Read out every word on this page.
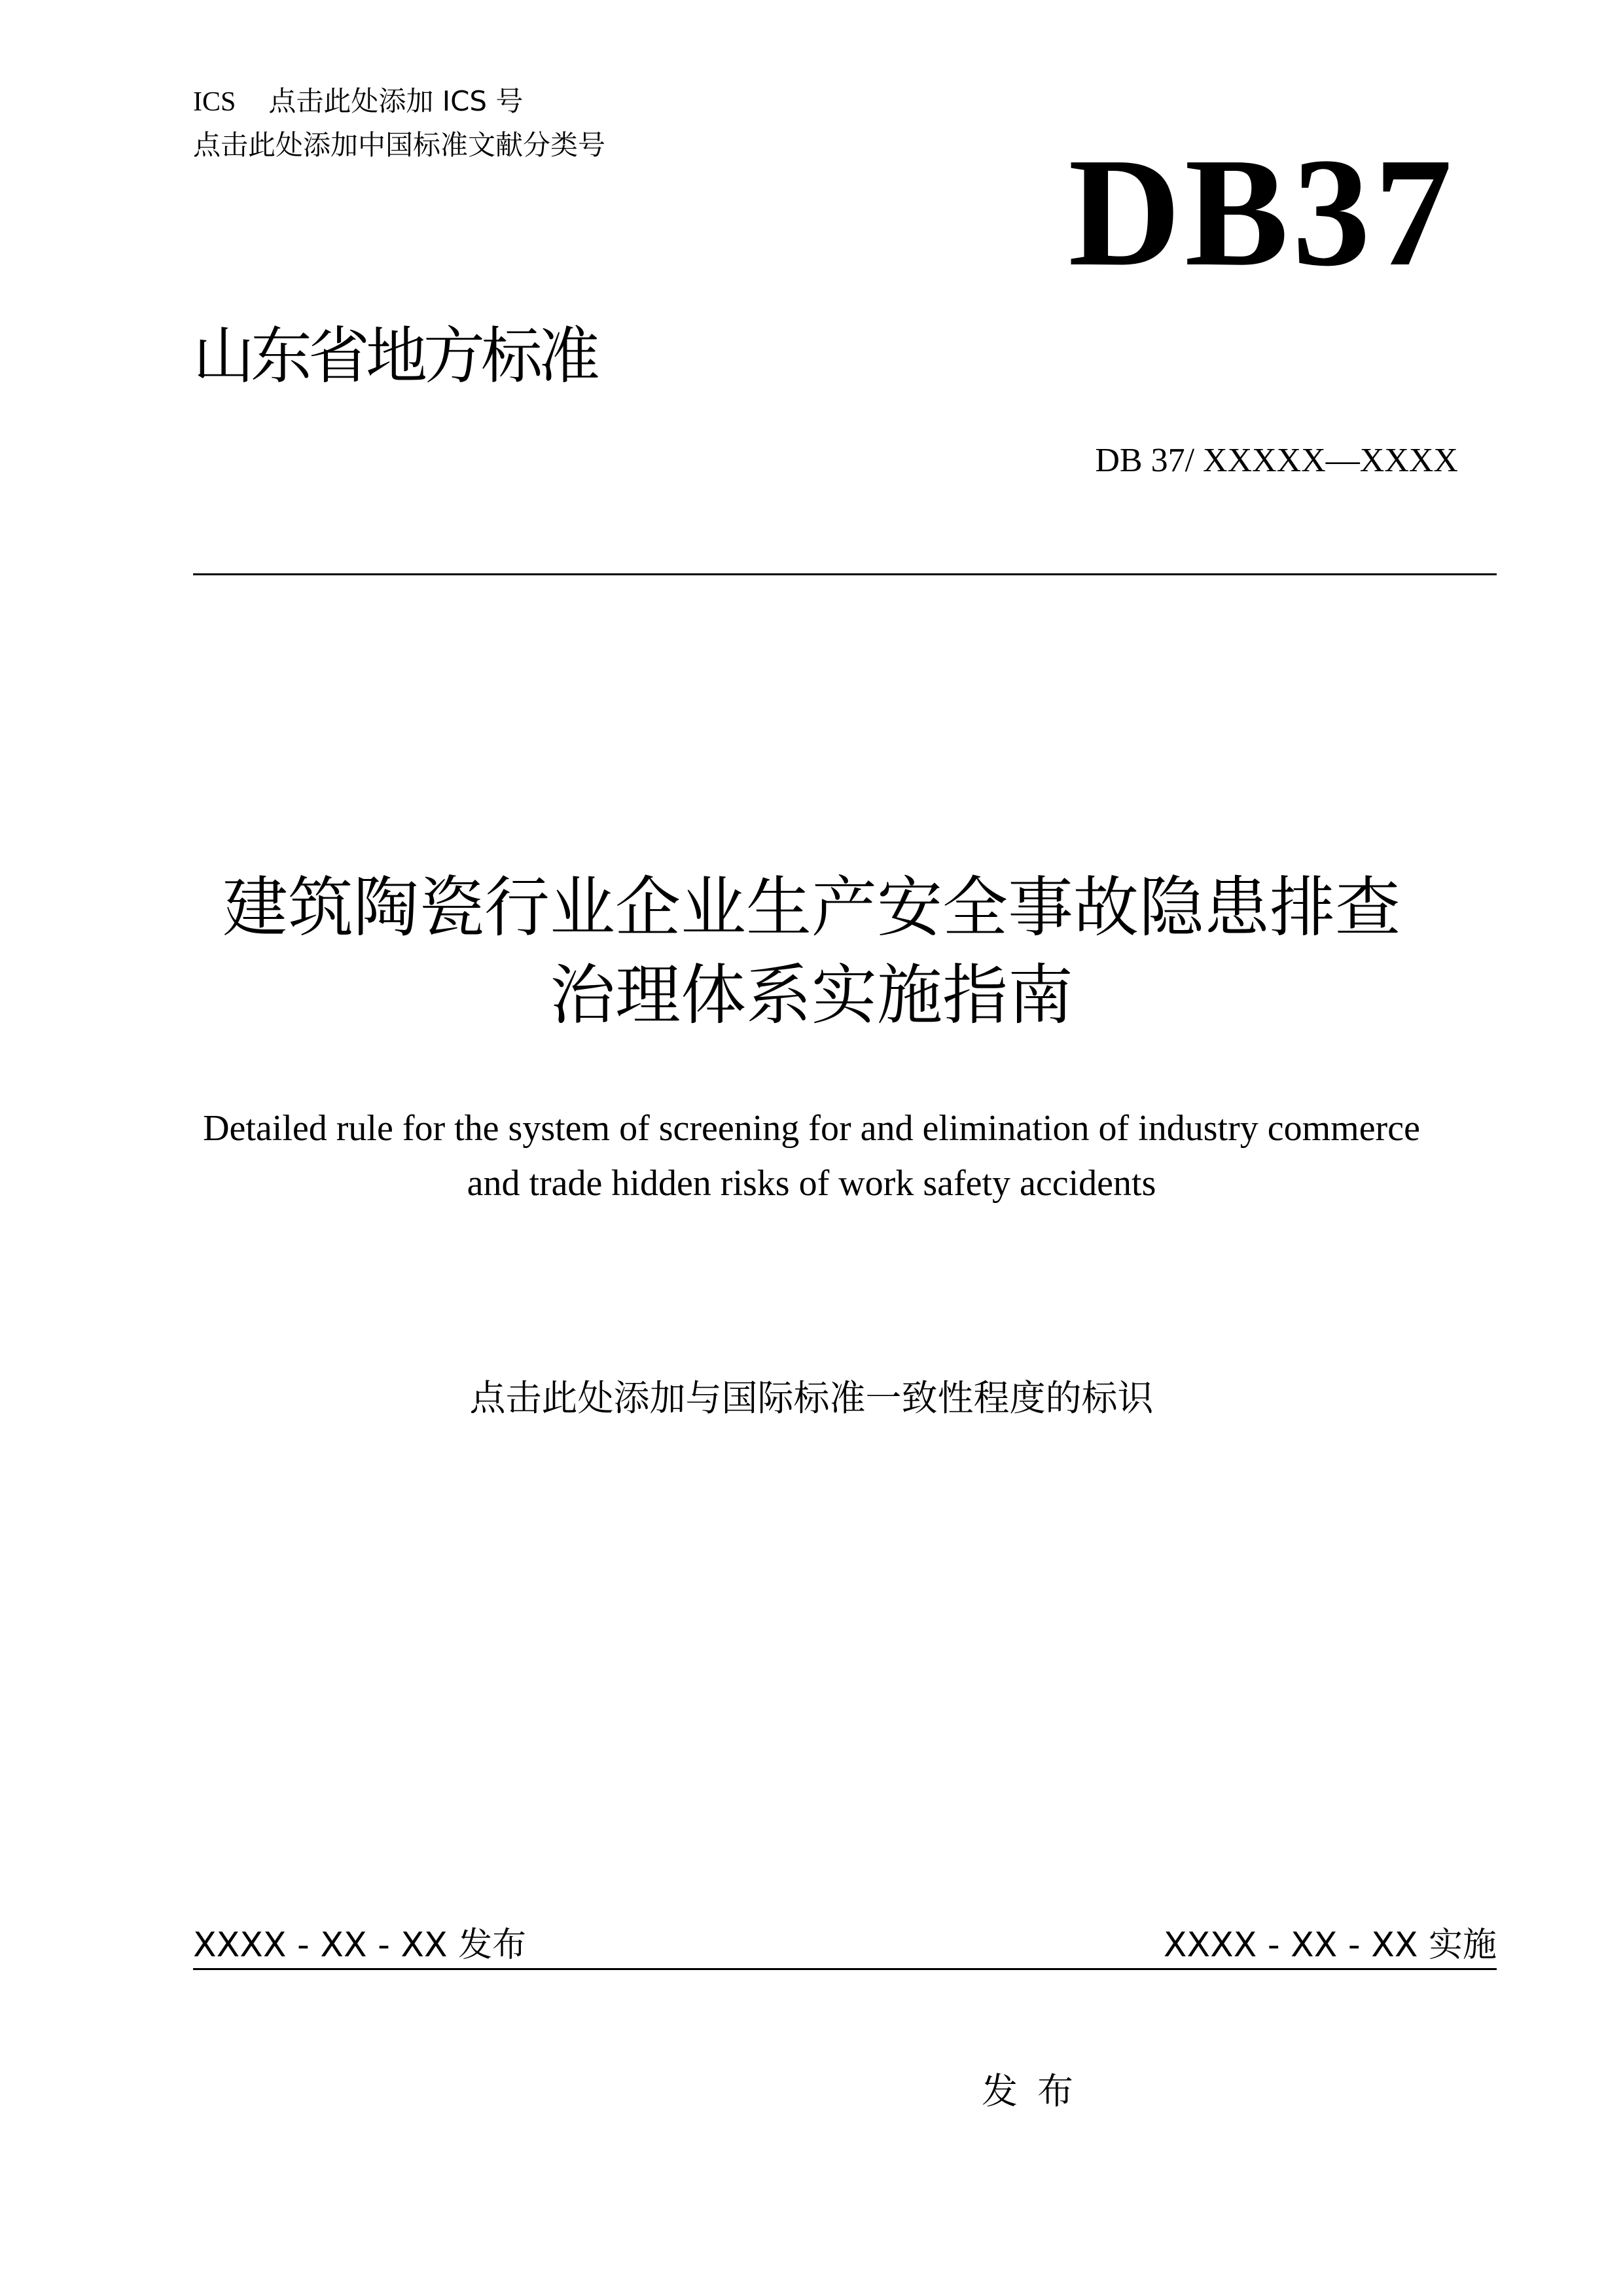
ICS 点击此处添加 ICS 号
点击此处添加中国标准文献分类号	DB37
山东省地方标准
DB 37/ XXXXX—XXXX
建筑陶瓷行业企业生产安全事故隐患排查
治理体系实施指南
Detailed rule for the system of screening for and elimination of industry commerce
and trade hidden risks of work safety accidents
点击此处添加与国际标准一致性程度的标识
XXXX - XX - XX 发布	XXXX - XX - XX 实施
发布
